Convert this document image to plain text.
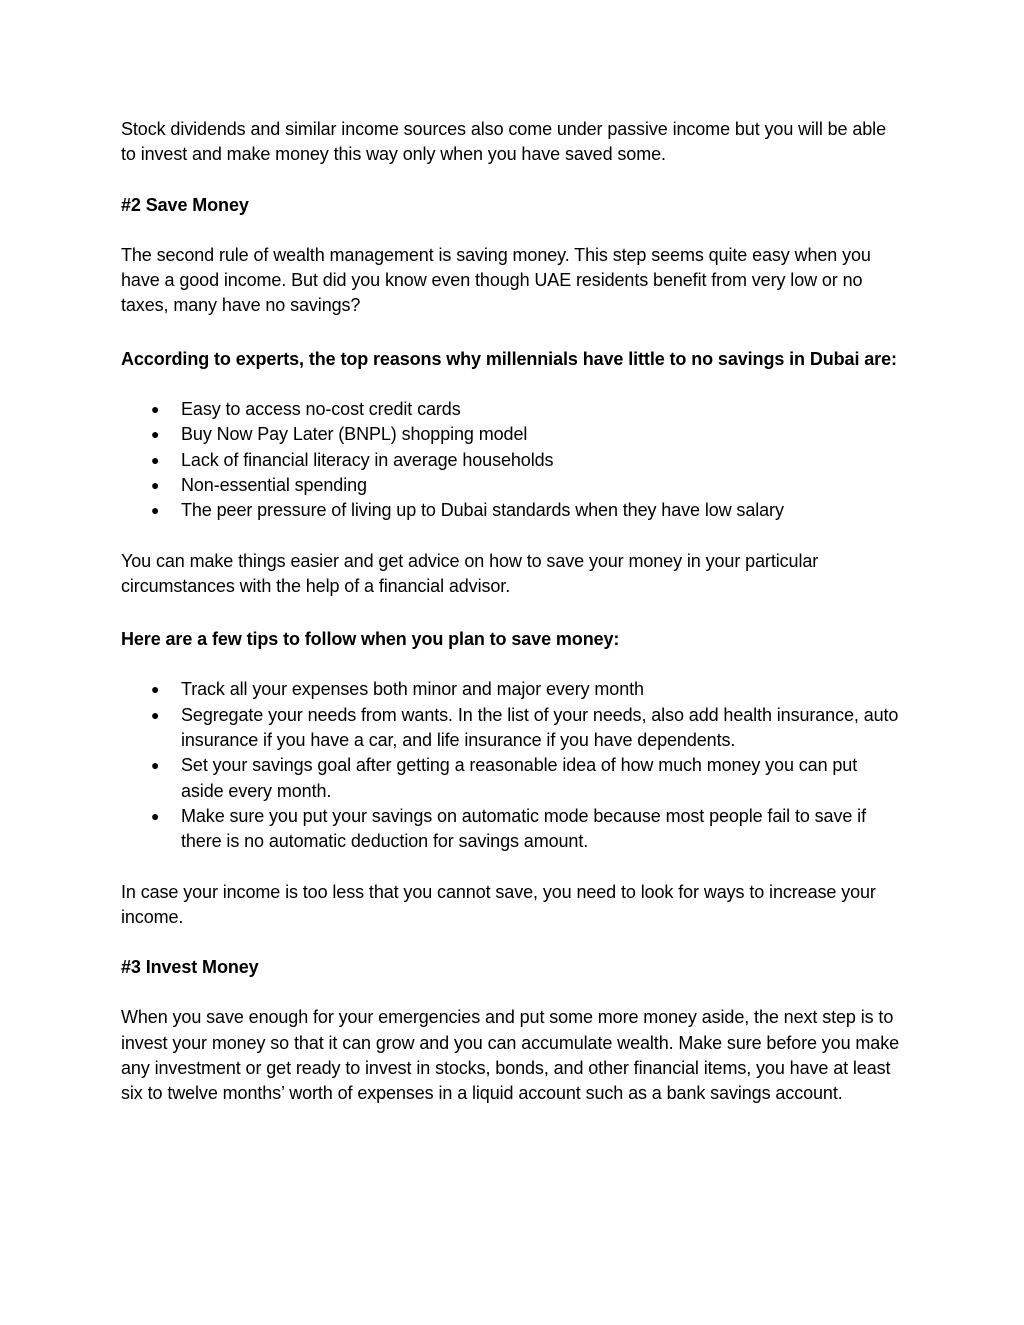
Stock dividends and similar income sources also come under passive income but you will be able to invest and make money this way only when you have saved some.

#2 Save Money

The second rule of wealth management is saving money. This step seems quite easy when you have a good income. But did you know even though UAE residents benefit from very low or no taxes, many have no savings?

According to experts, the top reasons why millennials have little to no savings in Dubai are:

● Easy to access no-cost credit cards
● Buy Now Pay Later (BNPL) shopping model
● Lack of financial literacy in average households
● Non-essential spending
● The peer pressure of living up to Dubai standards when they have low salary

You can make things easier and get advice on how to save your money in your particular circumstances with the help of a financial advisor.

Here are a few tips to follow when you plan to save money:

● Track all your expenses both minor and major every month
● Segregate your needs from wants. In the list of your needs, also add health insurance, auto insurance if you have a car, and life insurance if you have dependents.
● Set your savings goal after getting a reasonable idea of how much money you can put aside every month.
● Make sure you put your savings on automatic mode because most people fail to save if there is no automatic deduction for savings amount.

In case your income is too less that you cannot save, you need to look for ways to increase your income.

#3 Invest Money

When you save enough for your emergencies and put some more money aside, the next step is to invest your money so that it can grow and you can accumulate wealth. Make sure before you make any investment or get ready to invest in stocks, bonds, and other financial items, you have at least six to twelve months’ worth of expenses in a liquid account such as a bank savings account.
